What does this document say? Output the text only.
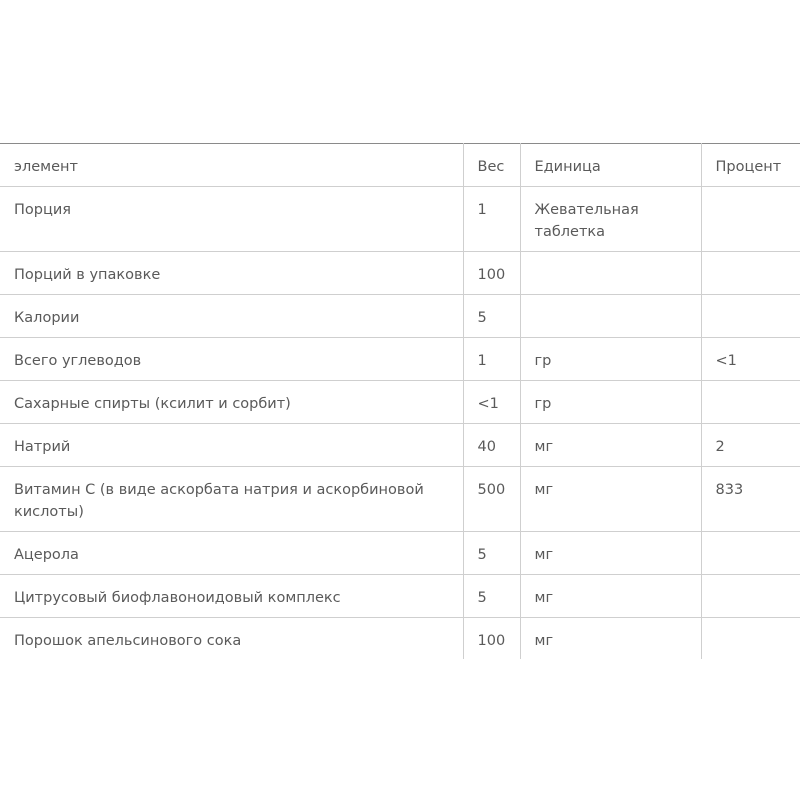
элемент	Вес	Единица	Процент
Порция	1	Жевательная таблетка	
Порций в упаковке	100		
Калории	5		
Всего углеводов	1	гр	<1
Сахарные спирты (ксилит и сорбит)	<1	гр	
Натрий	40	мг	2
Витамин С (в виде аскорбата натрия и аскорбиновой кислоты)	500	мг	833
Ацерола	5	мг	
Цитрусовый биофлавоноидовый комплекс	5	мг	
Порошок апельсинового сока	100	мг	
